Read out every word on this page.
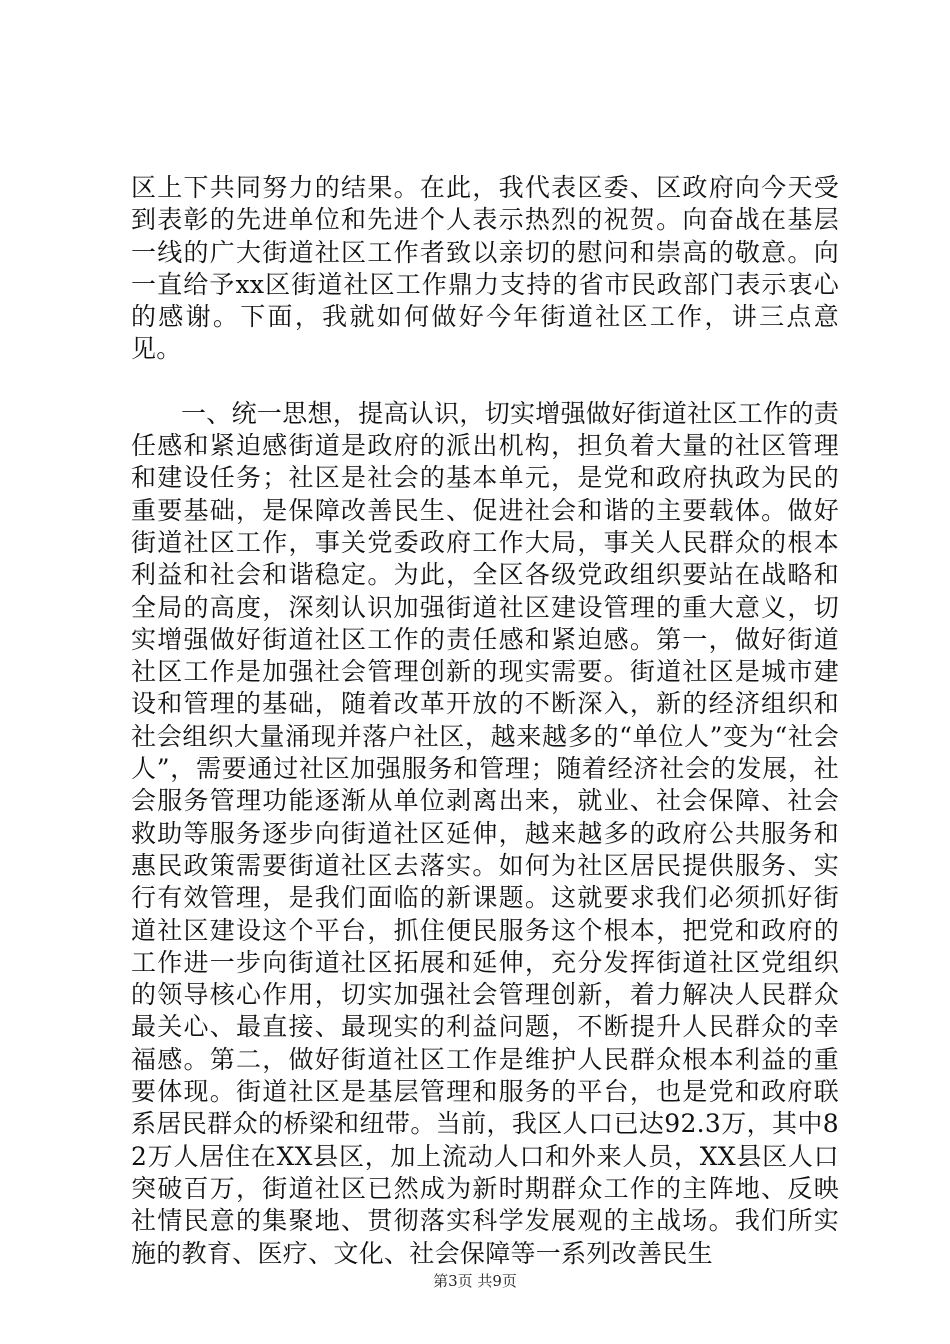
区上下共同努力的结果。在此，我代表区委、区政府向今天受到表彰的先进单位和先进个人表示热烈的祝贺。向奋战在基层一线的广大街道社区工作者致以亲切的慰问和崇高的敬意。向一直给予xx区街道社区工作鼎力支持的省市民政部门表示衷心的感谢。下面，我就如何做好今年街道社区工作，讲三点意见。

一、统一思想，提高认识，切实增强做好街道社区工作的责任感和紧迫感街道是政府的派出机构，担负着大量的社区管理和建设任务；社区是社会的基本单元，是党和政府执政为民的重要基础，是保障改善民生、促进社会和谐的主要载体。做好街道社区工作，事关党委政府工作大局，事关人民群众的根本利益和社会和谐稳定。为此，全区各级党政组织要站在战略和全局的高度，深刻认识加强街道社区建设管理的重大意义，切实增强做好街道社区工作的责任感和紧迫感。第一，做好街道社区工作是加强社会管理创新的现实需要。街道社区是城市建设和管理的基础，随着改革开放的不断深入，新的经济组织和社会组织大量涌现并落户社区，越来越多的“单位人”变为“社会人”，需要通过社区加强服务和管理；随着经济社会的发展，社会服务管理功能逐渐从单位剥离出来，就业、社会保障、社会救助等服务逐步向街道社区延伸，越来越多的政府公共服务和惠民政策需要街道社区去落实。如何为社区居民提供服务、实行有效管理，是我们面临的新课题。这就要求我们必须抓好街道社区建设这个平台，抓住便民服务这个根本，把党和政府的工作进一步向街道社区拓展和延伸，充分发挥街道社区党组织的领导核心作用，切实加强社会管理创新，着力解决人民群众最关心、最直接、最现实的利益问题，不断提升人民群众的幸福感。第二，做好街道社区工作是维护人民群众根本利益的重要体现。街道社区是基层管理和服务的平台，也是党和政府联系居民群众的桥梁和纽带。当前，我区人口已达92.3万，其中82万人居住在XX县区，加上流动人口和外来人员，XX县区人口突破百万，街道社区已然成为新时期群众工作的主阵地、反映社情民意的集聚地、贯彻落实科学发展观的主战场。我们所实施的教育、医疗、文化、社会保障等一系列改善民生

第3页 共9页
